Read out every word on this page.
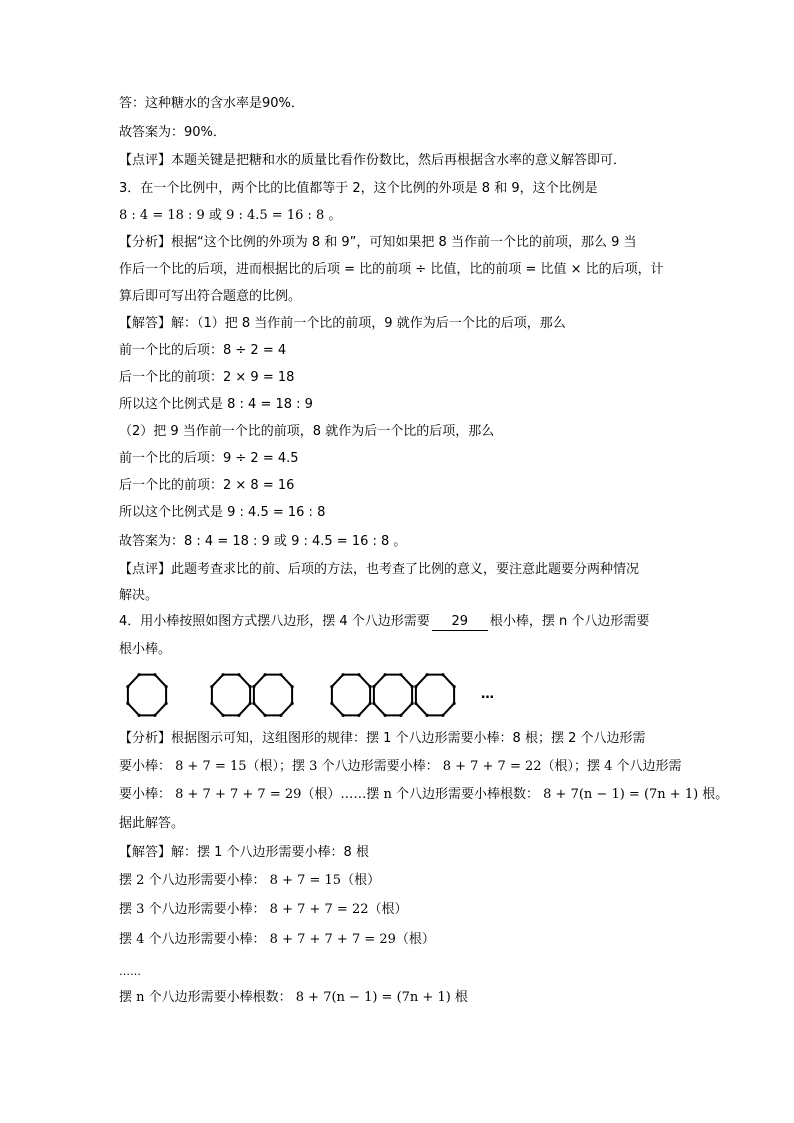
答：这种糖水的含水率是90%．
故答案为：90%．
【点评】本题关键是把糖和水的质量比看作份数比，然后再根据含水率的意义解答即可．
3．在一个比例中，两个比的比值都等于 2，这个比例的外项是 8 和 9，这个比例是
8 : 4 = 18 : 9 或 9 : 4.5 = 16 : 8 。
【分析】根据“这个比例的外项为 8 和 9”，可知如果把 8 当作前一个比的前项，那么 9 当
作后一个比的后项，进而根据比的后项 = 比的前项 ÷ 比值，比的前项 = 比值 × 比的后项，计
算后即可写出符合题意的比例。
【解答】解：（1）把 8 当作前一个比的前项，9 就作为后一个比的后项，那么
前一个比的后项：8 ÷ 2 = 4
后一个比的前项：2 × 9 = 18
所以这个比例式是 8 : 4 = 18 : 9
（2）把 9 当作前一个比的前项，8 就作为后一个比的后项，那么
前一个比的后项：9 ÷ 2 = 4.5
后一个比的前项：2 × 8 = 16
所以这个比例式是 9 : 4.5 = 16 : 8
故答案为：8 : 4 = 18 : 9 或 9 : 4.5 = 16 : 8 。
【点评】此题考查求比的前、后项的方法，也考查了比例的意义，要注意此题要分两种情况
解决。
4．用小棒按照如图方式摆八边形，摆 4 个八边形需要 29 根小棒，摆 n 个八边形需要
根小棒。
…
【分析】根据图示可知，这组图形的规律：摆 1 个八边形需要小棒：8 根；摆 2 个八边形需
要小棒： 8 + 7 = 15（根）；摆 3 个八边形需要小棒： 8 + 7 + 7 = 22（根）；摆 4 个八边形需
要小棒： 8 + 7 + 7 + 7 = 29（根）……摆 n 个八边形需要小棒根数： 8 + 7(n − 1) = (7n + 1) 根。
据此解答。
【解答】解：摆 1 个八边形需要小棒：8 根
摆 2 个八边形需要小棒： 8 + 7 = 15（根）
摆 3 个八边形需要小棒： 8 + 7 + 7 = 22（根）
摆 4 个八边形需要小棒： 8 + 7 + 7 + 7 = 29（根）
……
摆 n 个八边形需要小棒根数： 8 + 7(n − 1) = (7n + 1) 根
